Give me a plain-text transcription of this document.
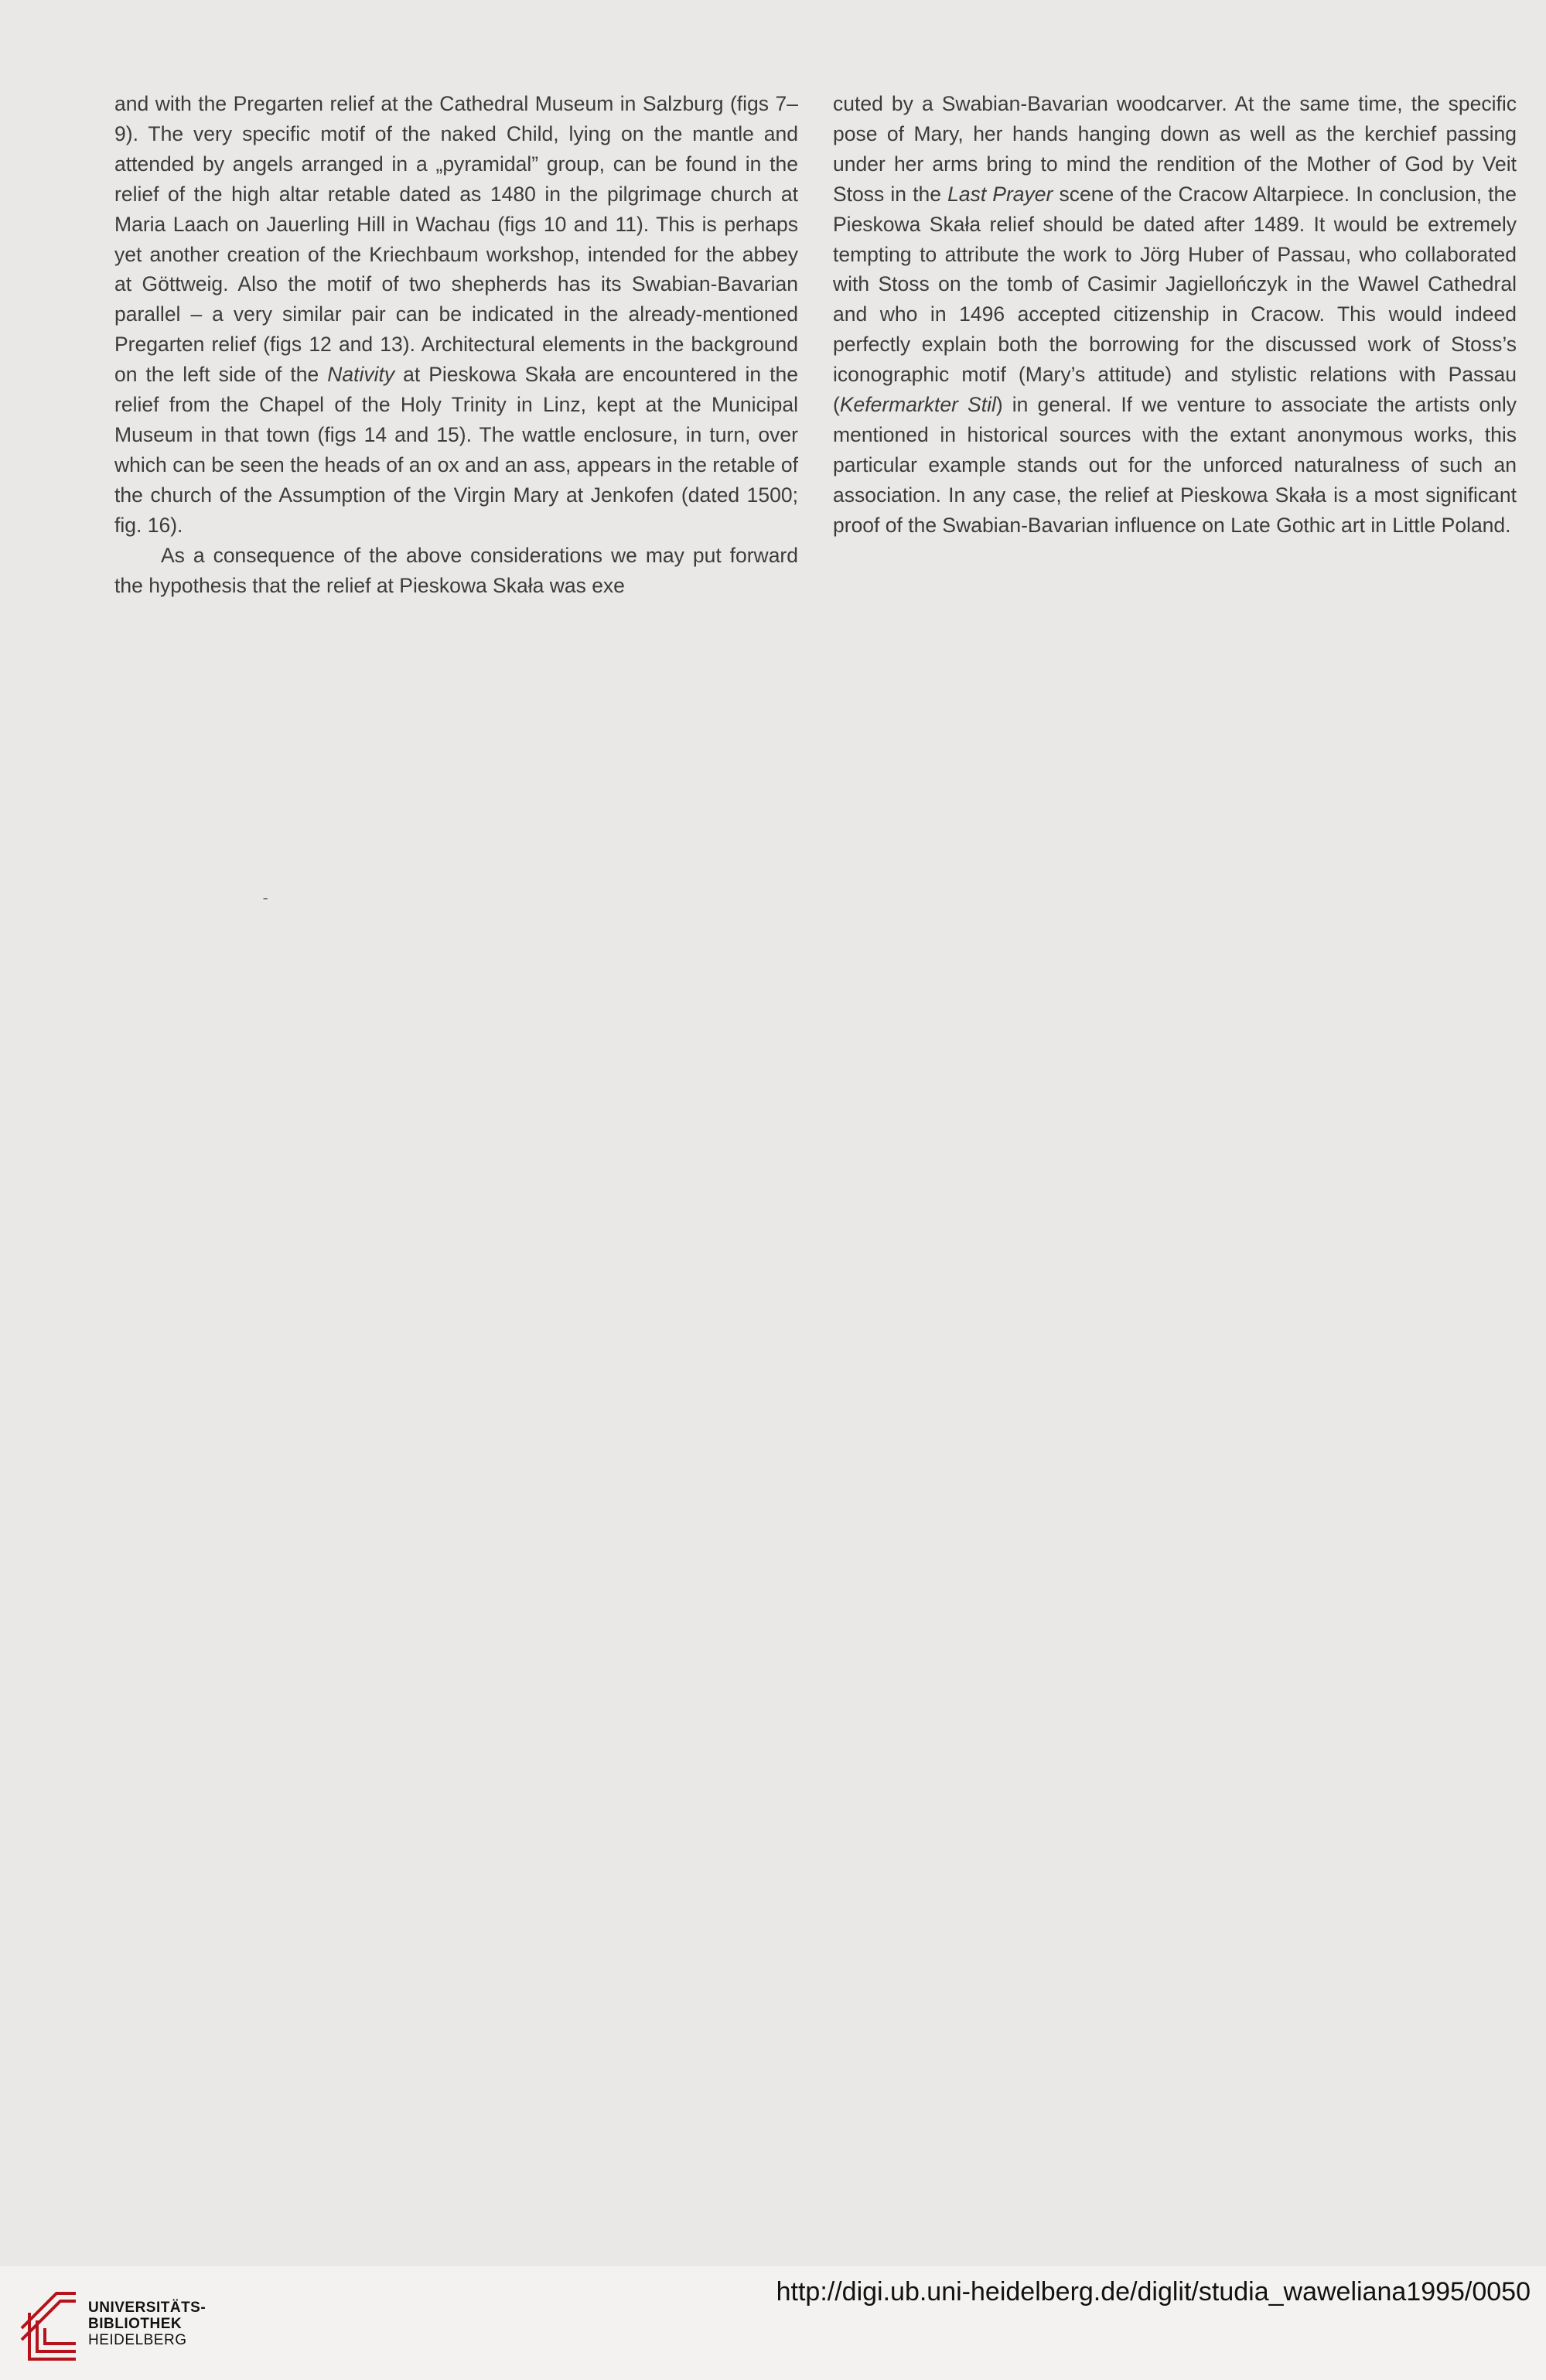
and with the Pregarten relief at the Cathedral Museum in Salzburg (figs 7–9). The very specific motif of the naked Child, lying on the mantle and attended by angels arranged in a „pyramidal” group, can be found in the relief of the high altar retable dated as 1480 in the pilgrimage church at Maria Laach on Jauerling Hill in Wachau (figs 10 and 11). This is perhaps yet another creation of the Kriechbaum workshop, intended for the abbey at Göttweig. Also the motif of two shepherds has its Swabian-Bavarian parallel – a very similar pair can be indicated in the already-mentioned Pregarten relief (figs 12 and 13). Architectural elements in the background on the left side of the Nativity at Pieskowa Skała are encountered in the relief from the Chapel of the Holy Trinity in Linz, kept at the Municipal Museum in that town (figs 14 and 15). The wattle enclosure, in turn, over which can be seen the heads of an ox and an ass, appears in the retable of the church of the Assumption of the Virgin Mary at Jenkofen (dated 1500; fig. 16).

As a consequence of the above considerations we may put forward the hypothesis that the relief at Pieskowa Skała was exe

cuted by a Swabian-Bavarian woodcarver. At the same time, the specific pose of Mary, her hands hanging down as well as the kerchief passing under her arms bring to mind the rendition of the Mother of God by Veit Stoss in the Last Prayer scene of the Cracow Altarpiece. In conclusion, the Pieskowa Skała relief should be dated after 1489. It would be extremely tempting to attribute the work to Jörg Huber of Passau, who collaborated with Stoss on the tomb of Casimir Jagiellończyk in the Wawel Cathedral and who in 1496 accepted citizenship in Cracow. This would indeed perfectly explain both the borrowing for the discussed work of Stoss’s iconographic motif (Mary’s attitude) and stylistic relations with Passau (Kefermarkter Stil) in general. If we venture to associate the artists only mentioned in historical sources with the extant anonymous works, this particular example stands out for the unforced naturalness of such an association. In any case, the relief at Pieskowa Skała is a most significant proof of the Swabian-Bavarian influence on Late Gothic art in Little Poland.

ˉ
UNIVERSITÄTS-
BIBLIOTHEK
HEIDELBERG
http://digi.ub.uni-heidelberg.de/diglit/studia_waweliana1995/0050
